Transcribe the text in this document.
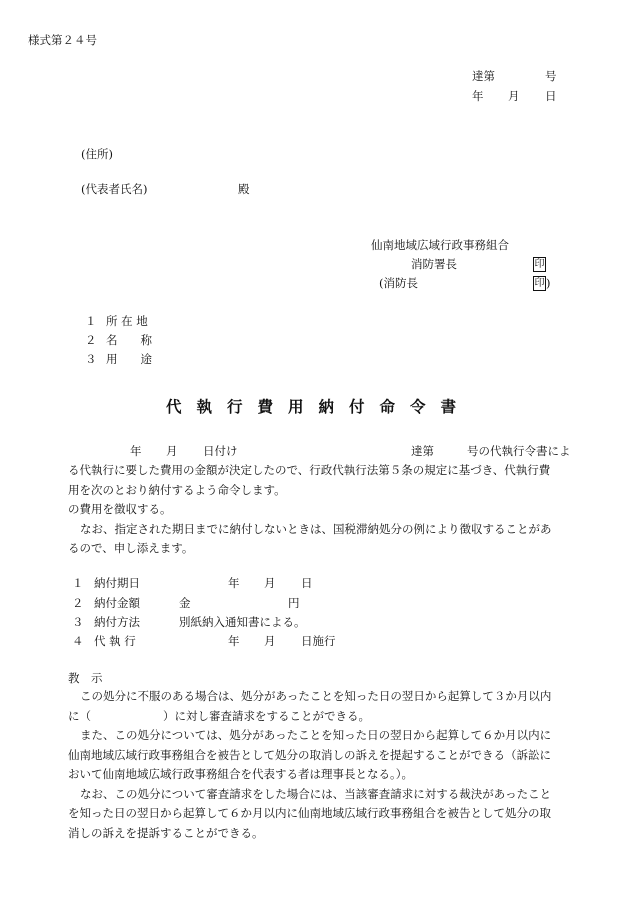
様式第２４号
達第	号
年 月 日
(住所)
(代表者氏名)	殿
仙南地域広域行政事務組合
消防署長	印
(消防長	印 )
１ 所 在 地
２ 名　　称
３ 用　　途
代執行費用納付命令書
年 月 日付け	達第	号の代執行令書によ
る代執行に要した費用の金額が決定したので、行政代執行法第５条の規定に基づき、代執行費
用を次のとおり納付するよう命令します。
の費用を徴収する。
なお、指定された期日までに納付しないときは、国税滞納処分の例により徴収することがあ
るので、申し添えます。
１ 納付期日	年 月 日
２ 納付金額	金	円
３ 納付方法	別紙納入通知書による。
４ 代 執 行	年 月 日施行
教　示
この処分に不服のある場合は、処分があったことを知った日の翌日から起算して３か月以内
に（	）に対し審査請求をすることができる。
また、この処分については、処分があったことを知った日の翌日から起算して６か月以内に
仙南地域広域行政事務組合を被告として処分の取消しの訴えを提起することができる（訴訟に
おいて仙南地域広域行政事務組合を代表する者は理事長となる。）。
なお、この処分について審査請求をした場合には、当該審査請求に対する裁決があったこと
を知った日の翌日から起算して６か月以内に仙南地域広域行政事務組合を被告として処分の取
消しの訴えを提訴することができる。
